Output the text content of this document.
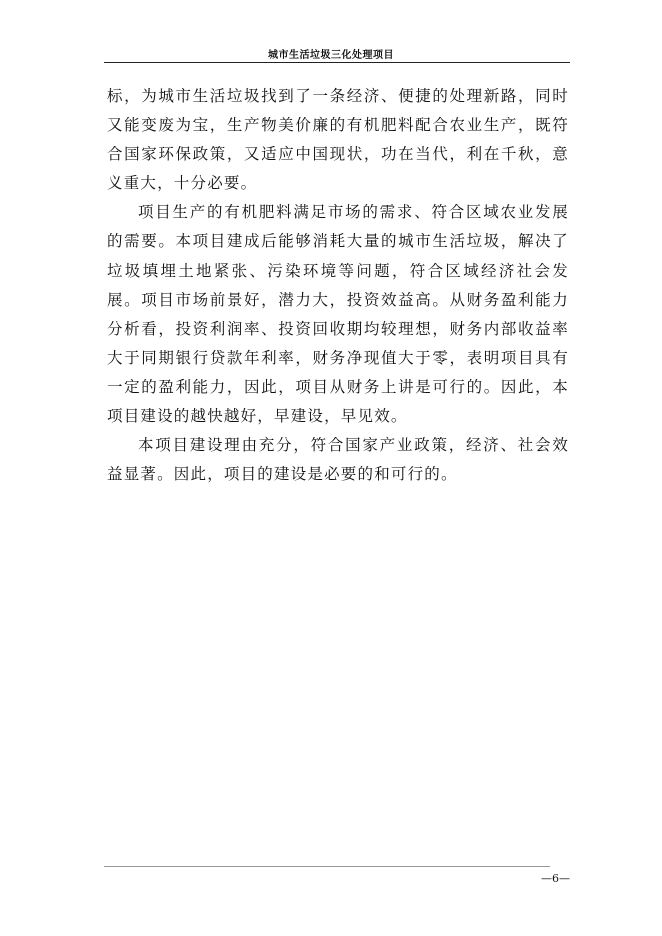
城市生活垃圾三化处理项目

标，为城市生活垃圾找到了一条经济、便捷的处理新路，同时又能变废为宝，生产物美价廉的有机肥料配合农业生产，既符合国家环保政策，又适应中国现状，功在当代，利在千秋，意义重大，十分必要。

项目生产的有机肥料满足市场的需求、符合区域农业发展的需要。本项目建成后能够消耗大量的城市生活垃圾，解决了垃圾填埋土地紧张、污染环境等问题，符合区域经济社会发展。项目市场前景好，潜力大，投资效益高。从财务盈利能力分析看，投资利润率、投资回收期均较理想，财务内部收益率大于同期银行贷款年利率，财务净现值大于零，表明项目具有一定的盈利能力，因此，项目从财务上讲是可行的。因此，本项目建设的越快越好，早建设，早见效。

本项目建设理由充分，符合国家产业政策，经济、社会效益显著。因此，项目的建设是必要的和可行的。

—6—
